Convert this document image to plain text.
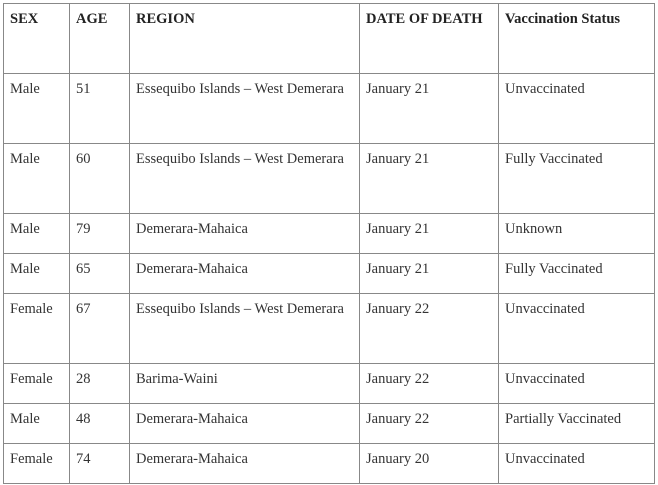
SEX	AGE	REGION	DATE OF DEATH	Vaccination Status
Male	51	Essequibo Islands – West Demerara	January 21	Unvaccinated
Male	60	Essequibo Islands – West Demerara	January 21	Fully Vaccinated
Male	79	Demerara-Mahaica	January 21	Unknown
Male	65	Demerara-Mahaica	January 21	Fully Vaccinated
Female	67	Essequibo Islands – West Demerara	January 22	Unvaccinated
Female	28	Barima-Waini	January 22	Unvaccinated
Male	48	Demerara-Mahaica	January 22	Partially Vaccinated
Female	74	Demerara-Mahaica	January 20	Unvaccinated
